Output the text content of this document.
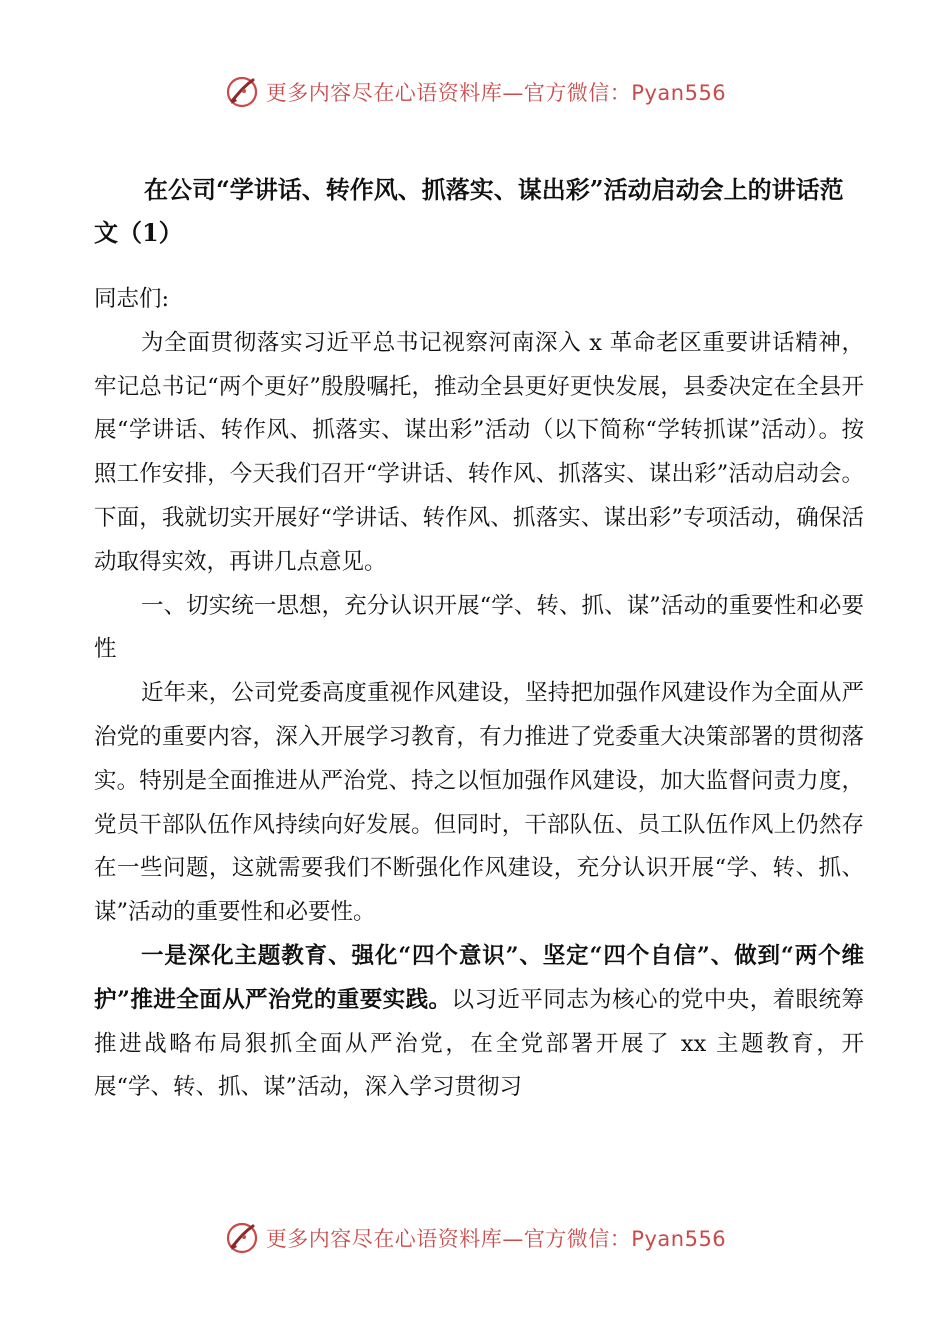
更多内容尽在心语资料库—官方微信：Pyan556
在公司“学讲话、转作风、抓落实、谋出彩”活动启动会上的讲话范文（1）

同志们:

为全面贯彻落实习近平总书记视察河南深入 x 革命老区重要讲话精神，牢记总书记“两个更好”殷殷嘱托，推动全县更好更快发展，县委决定在全县开展“学讲话、转作风、抓落实、谋出彩”活动（以下简称“学转抓谋”活动）。按照工作安排，今天我们召开“学讲话、转作风、抓落实、谋出彩”活动启动会。下面，我就切实开展好“学讲话、转作风、抓落实、谋出彩”专项活动，确保活动取得实效，再讲几点意见。

一、切实统一思想，充分认识开展“学、转、抓、谋”活动的重要性和必要性

近年来，公司党委高度重视作风建设，坚持把加强作风建设作为全面从严治党的重要内容，深入开展学习教育，有力推进了党委重大决策部署的贯彻落实。特别是全面推进从严治党、持之以恒加强作风建设，加大监督问责力度，党员干部队伍作风持续向好发展。但同时，干部队伍、员工队伍作风上仍然存在一些问题，这就需要我们不断强化作风建设，充分认识开展“学、转、抓、谋”活动的重要性和必要性。

一是深化主题教育、强化“四个意识”、坚定“四个自信”、做到“两个维护”推进全面从严治党的重要实践。以习近平同志为核心的党中央，着眼统筹推进战略布局狠抓全面从严治党，在全党部署开展了 xx 主题教育，开展“学、转、抓、谋”活动，深入学习贯彻习

更多内容尽在心语资料库—官方微信：Pyan556
